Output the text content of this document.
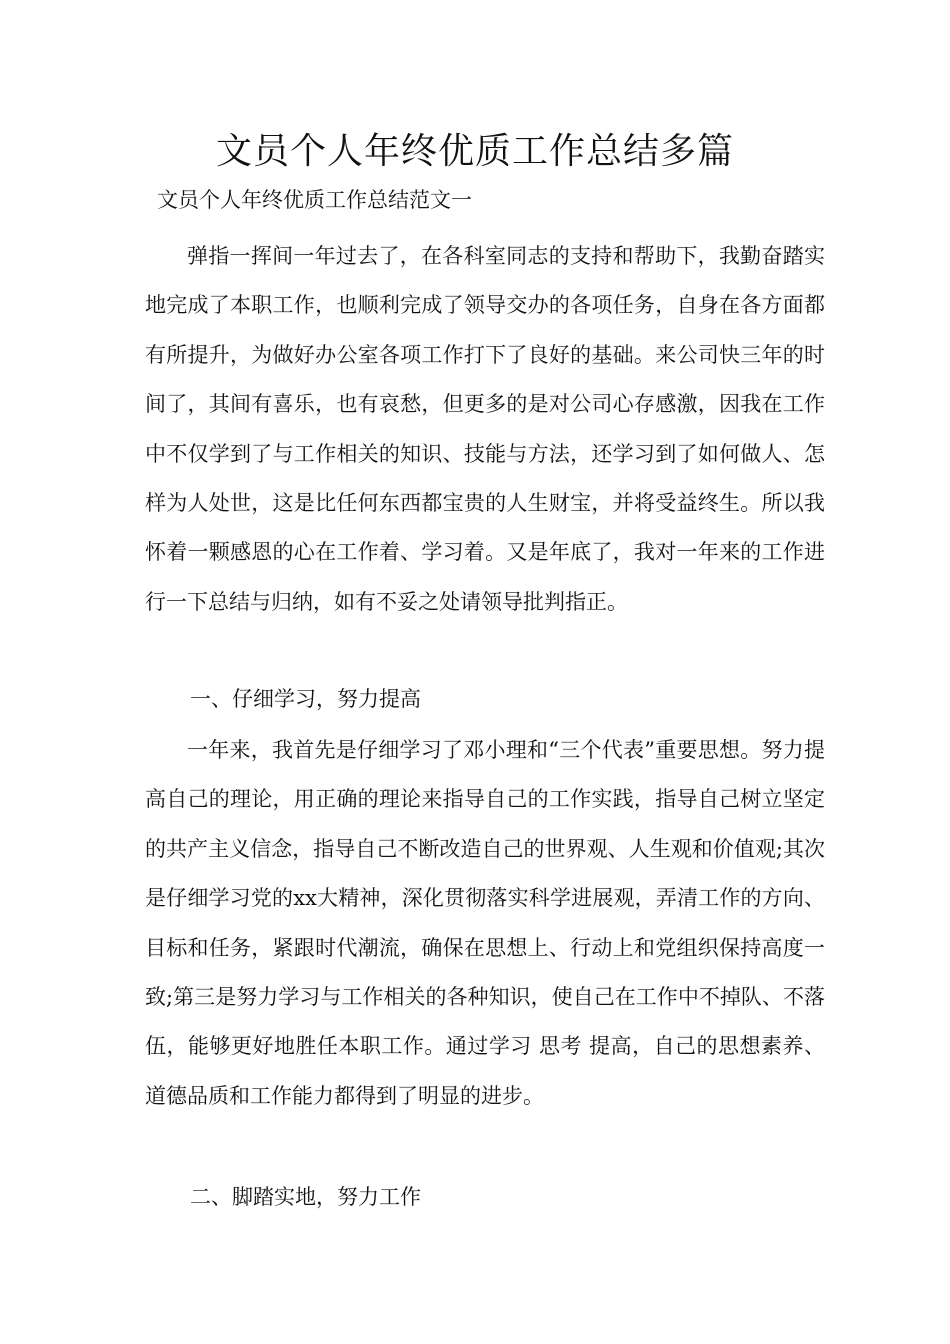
文员个人年终优质工作总结多篇

文员个人年终优质工作总结范文一

弹指一挥间一年过去了，在各科室同志的支持和帮助下，我勤奋踏实地完成了本职工作，也顺利完成了领导交办的各项任务，自身在各方面都有所提升，为做好办公室各项工作打下了良好的基础。来公司快三年的时间了，其间有喜乐，也有哀愁，但更多的是对公司心存感激，因我在工作中不仅学到了与工作相关的知识、技能与方法，还学习到了如何做人、怎样为人处世，这是比任何东西都宝贵的人生财宝，并将受益终生。所以我怀着一颗感恩的心在工作着、学习着。又是年底了，我对一年来的工作进行一下总结与归纳，如有不妥之处请领导批判指正。

一、仔细学习，努力提高

一年来，我首先是仔细学习了邓小理和“三个代表”重要思想。努力提高自己的理论，用正确的理论来指导自己的工作实践，指导自己树立坚定的共产主义信念，指导自己不断改造自己的世界观、人生观和价值观;其次是仔细学习党的xx大精神，深化贯彻落实科学进展观，弄清工作的方向、目标和任务，紧跟时代潮流，确保在思想上、行动上和党组织保持高度一致;第三是努力学习与工作相关的各种知识，使自己在工作中不掉队、不落伍，能够更好地胜任本职工作。通过学习 思考 提高，自己的思想素养、道德品质和工作能力都得到了明显的进步。

二、脚踏实地，努力工作
